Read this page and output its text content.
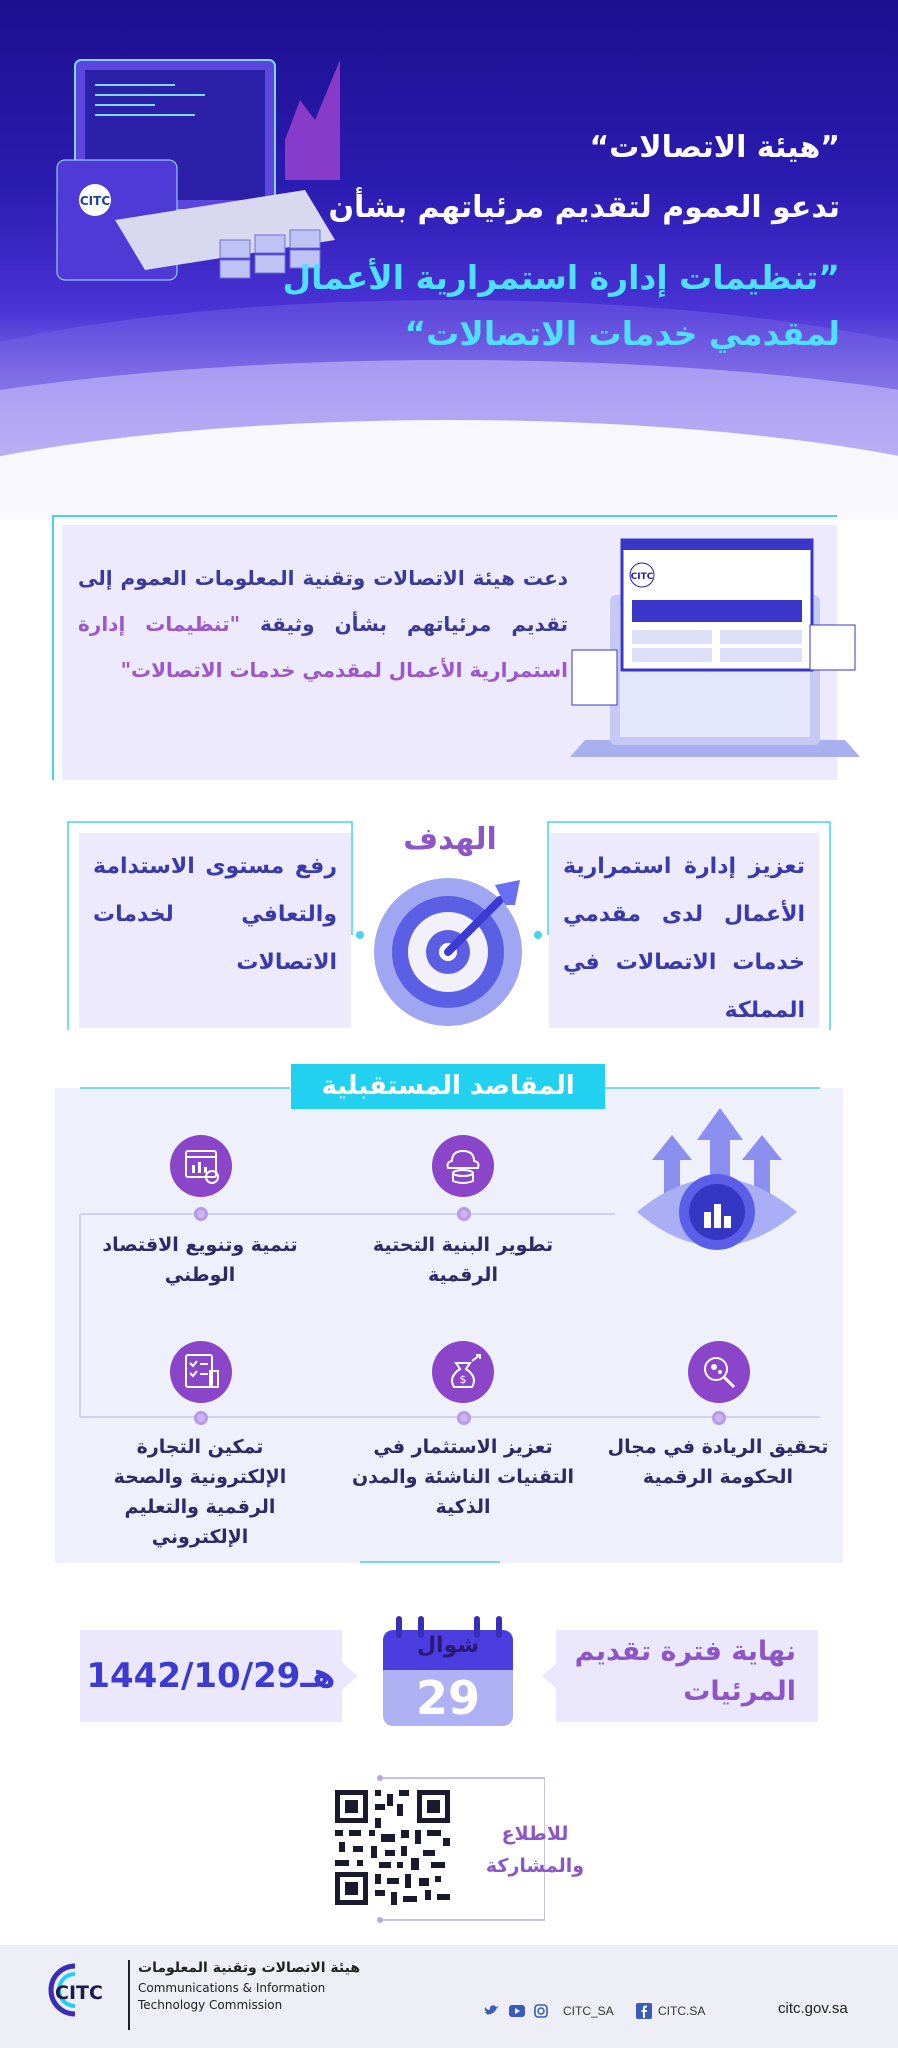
CITC
”هيئة الاتصالات“
تدعو العموم لتقديم مرئياتهم بشأن
”تنظيمات إدارة استمرارية الأعمال
لمقدمي خدمات الاتصالات“
CITC
دعت هيئة الاتصالات وتقنية المعلومات العموم إلى تقديم مرئياتهم بشأن وثيقة "تنظيمات إدارة استمرارية الأعمال لمقدمي خدمات الاتصالات"
تعزيز إدارة استمرارية الأعمال لدى مقدمي خدمات الاتصالات في المملكة
رفع مستوى الاستدامة والتعافي لخدمات الاتصالات
الهدف
المقاصد المستقبلية
تطوير البنية التحتية الرقمية
تنمية وتنويع الاقتصاد الوطني
تحقيق الريادة في مجال الحكومة الرقمية
$
تعزيز الاستثمار في التقنيات الناشئة والمدن الذكية
تمكين التجارة الإلكترونية والصحة الرقمية والتعليم الإلكتروني
نهاية فترة تقديم المرئيات
1442/10/29هـ
شوال
29
للاطلاع والمشاركة
CITC
هيئة الاتصالات وتقنية المعلومات
Communications & Information
Technology Commission	CITC_SA	CITC.SA	citc.gov.sa
